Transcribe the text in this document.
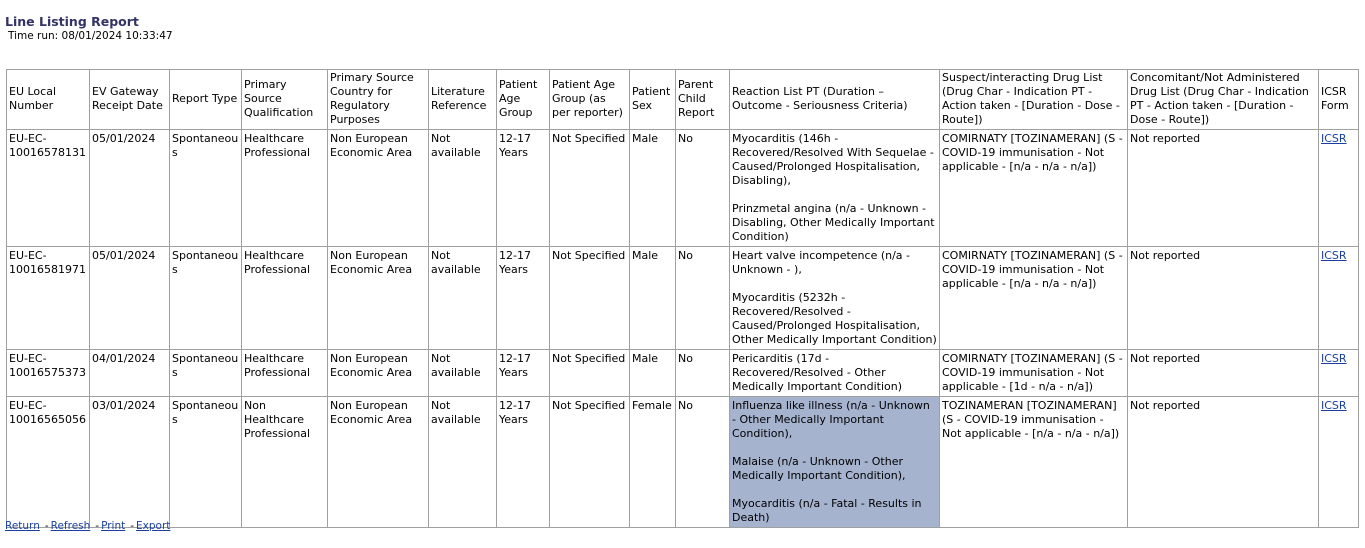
Line Listing Report
Time run: 08/01/2024 10:33:47
EU Local Number	EV Gateway Receipt Date	Report Type	Primary Source Qualification	Primary Source Country for Regulatory Purposes	Literature Reference	Patient Age Group	Patient Age Group (as per reporter)	Patient Sex	Parent Child Report	Reaction List PT (Duration – Outcome - Seriousness Criteria)	Suspect/interacting Drug List (Drug Char - Indication PT - Action taken - [Duration - Dose - Route])	Concomitant/Not Administered Drug List (Drug Char - Indication PT - Action taken - [Duration - Dose - Route])	ICSR Form
EU-EC-10016578131	05/01/2024	Spontaneous	Healthcare Professional	Non European Economic Area	Not available	12-17 Years	Not Specified	Male	No	Myocarditis (146h - Recovered/Resolved With Sequelae - Caused/Prolonged Hospitalisation, Disabling),
Prinzmetal angina (n/a - Unknown - Disabling, Other Medically Important Condition)	COMIRNATY [TOZINAMERAN] (S - COVID-19 immunisation - Not applicable - [n/a - n/a - n/a])	Not reported	ICSR
EU-EC-10016581971	05/01/2024	Spontaneous	Healthcare Professional	Non European Economic Area	Not available	12-17 Years	Not Specified	Male	No	Heart valve incompetence (n/a - Unknown - ),
Myocarditis (5232h - Recovered/Resolved - Caused/Prolonged Hospitalisation, Other Medically Important Condition)	COMIRNATY [TOZINAMERAN] (S - COVID-19 immunisation - Not applicable - [n/a - n/a - n/a])	Not reported	ICSR
EU-EC-10016575373	04/01/2024	Spontaneous	Healthcare Professional	Non European Economic Area	Not available	12-17 Years	Not Specified	Male	No	Pericarditis (17d - Recovered/Resolved - Other Medically Important Condition)	COMIRNATY [TOZINAMERAN] (S - COVID-19 immunisation - Not applicable - [1d - n/a - n/a])	Not reported	ICSR
EU-EC-10016565056	03/01/2024	Spontaneous	Non Healthcare Professional	Non European Economic Area	Not available	12-17 Years	Not Specified	Female	No	Influenza like illness (n/a - Unknown - Other Medically Important Condition),
Malaise (n/a - Unknown - Other Medically Important Condition),
Myocarditis (n/a - Fatal - Results in Death)	TOZINAMERAN [TOZINAMERAN] (S - COVID-19 immunisation - Not applicable - [n/a - n/a - n/a])	Not reported	ICSR
Return - Refresh - Print - Export
